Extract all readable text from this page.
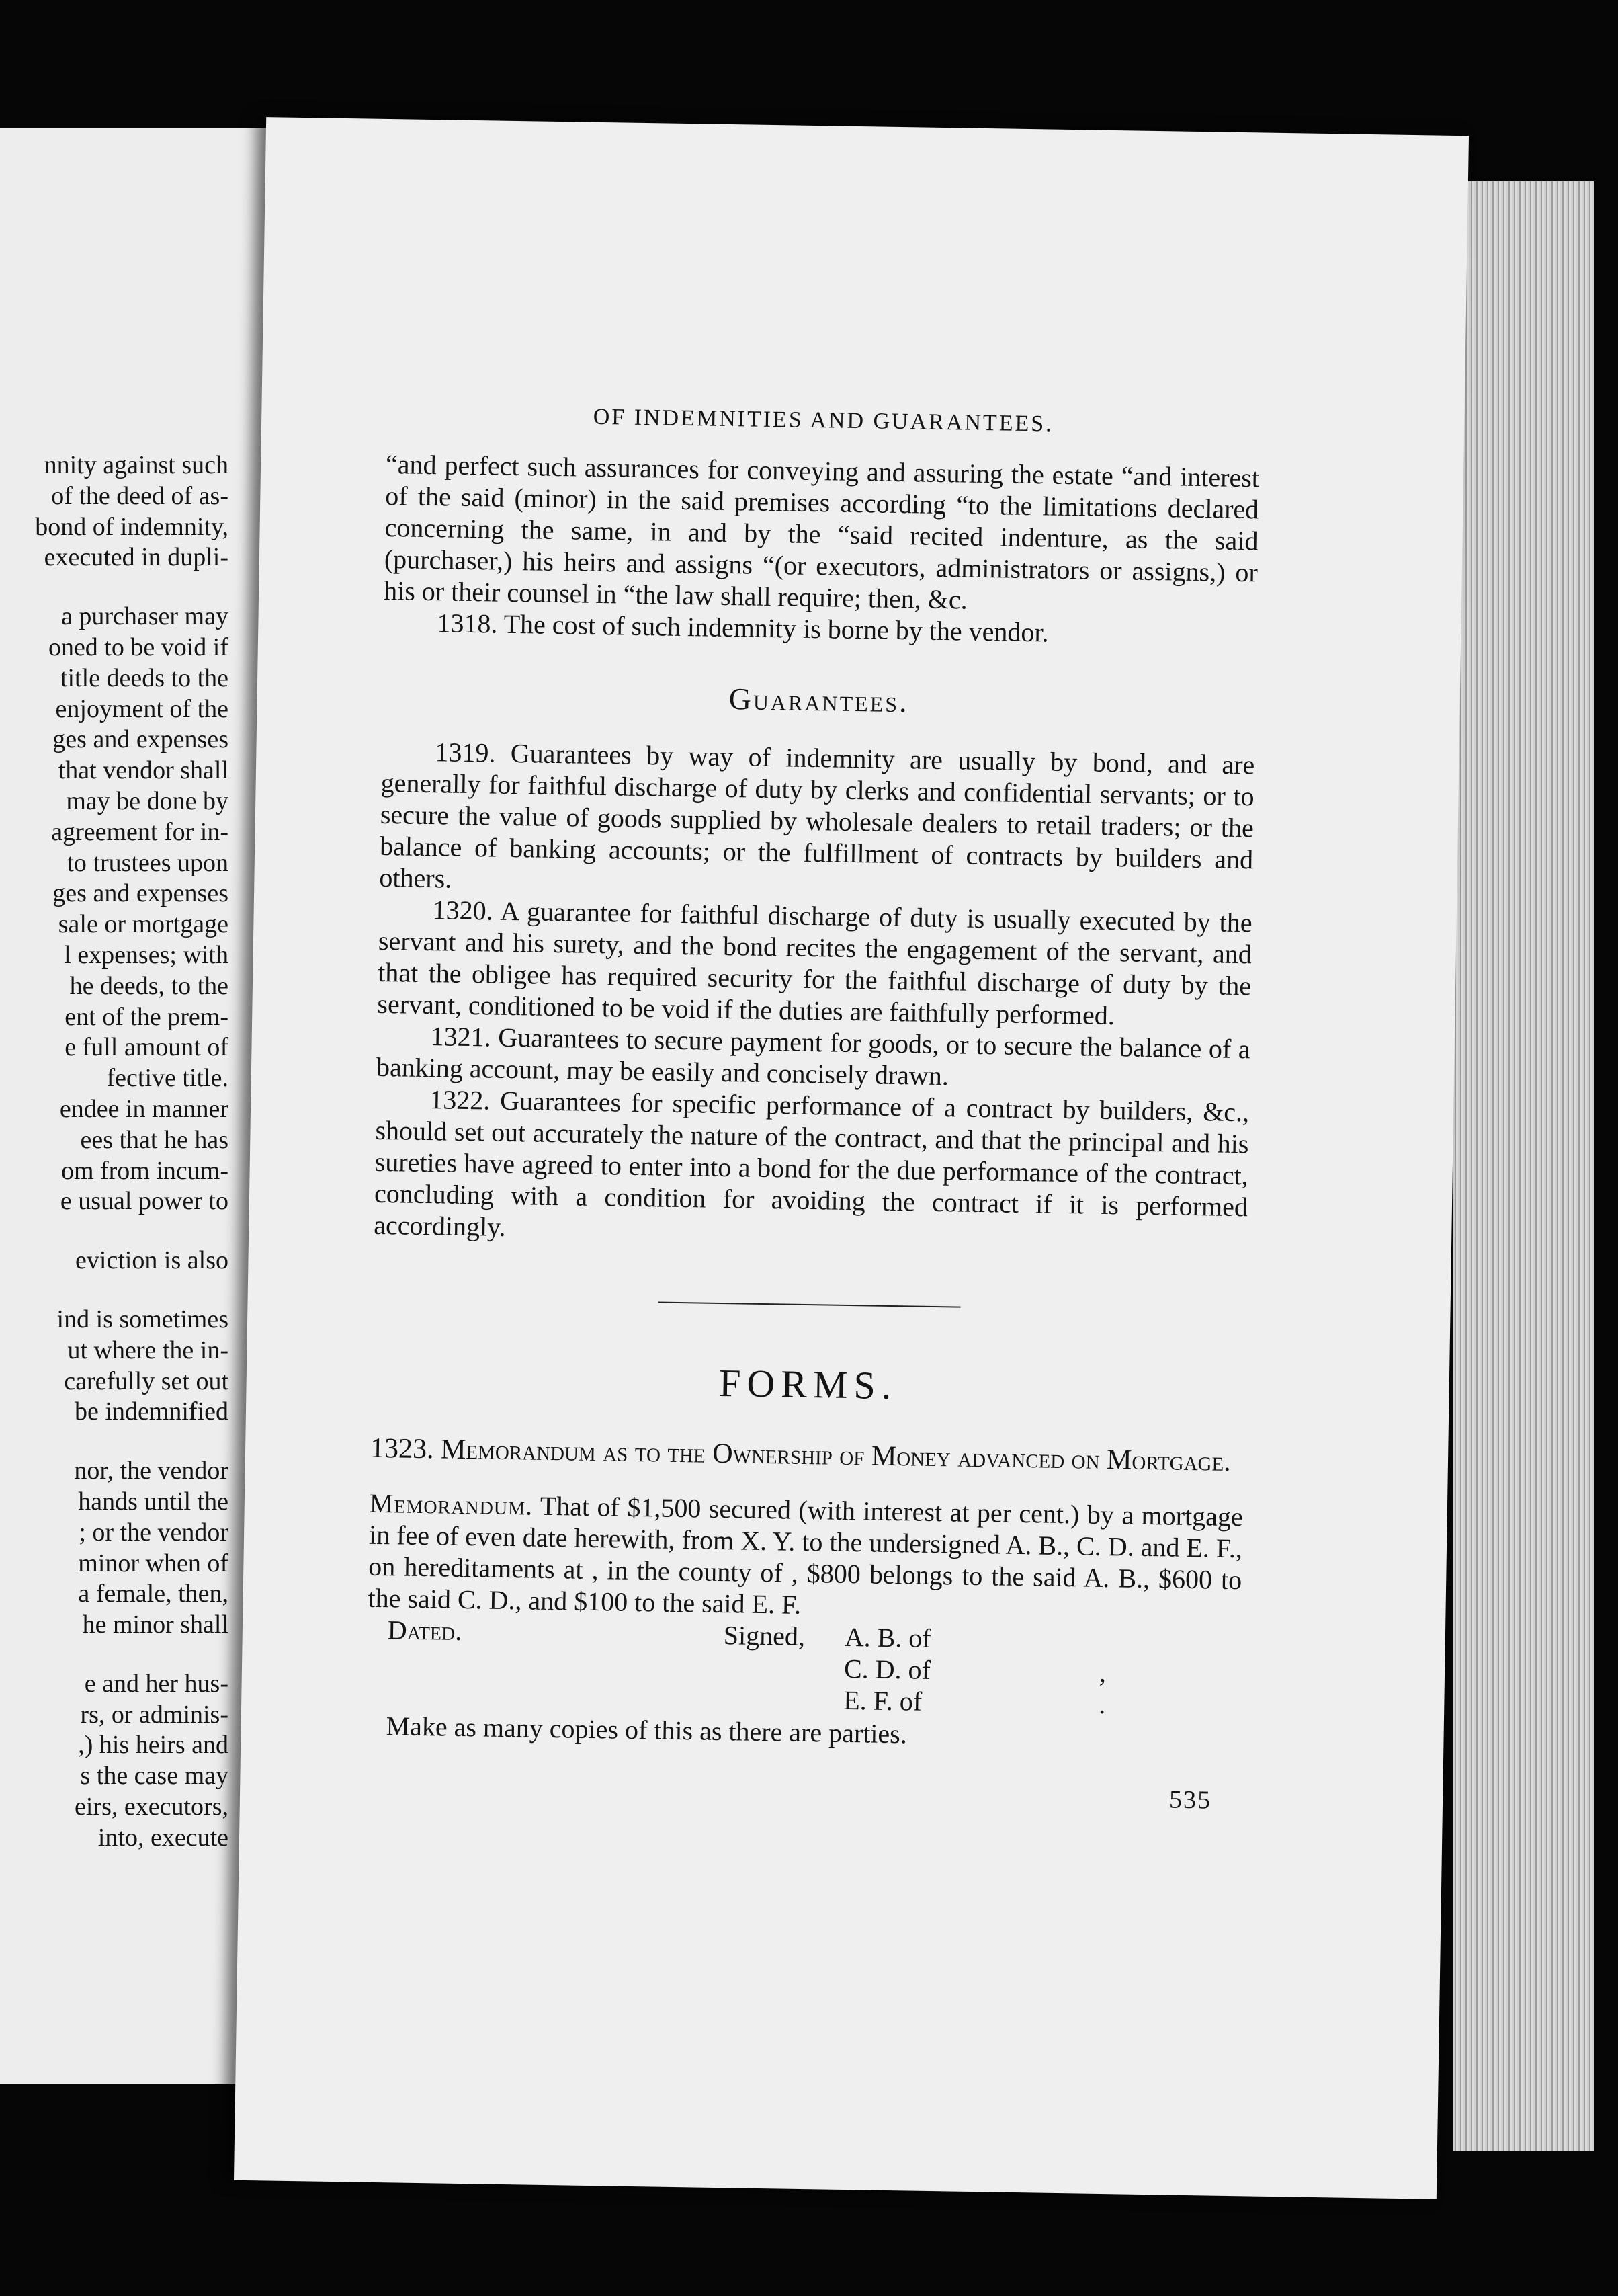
nnity against such
of the deed of as-
bond of indemnity,
executed in dupli-
a purchaser may
oned to be void if
title deeds to the
enjoyment of the
ges and expenses
that vendor shall
may be done by
agreement for in-
to trustees upon
ges and expenses
sale or mortgage
l expenses; with
he deeds, to the
ent of the prem-
e full amount of
fective title.
endee in manner
ees that he has
om from incum-
e usual power to
eviction is also
ind is sometimes
ut where the in-
carefully set out
be indemnified
nor, the vendor
hands until the
; or the vendor
minor when of
a female, then,
he minor shall
e and her hus-
rs, or adminis-
,) his heirs and
s the case may
eirs, executors,
into, execute
OF INDEMNITIES AND GUARANTEES.

“and perfect such assurances for conveying and assuring the estate “and interest of the said (minor) in the said premises according “to the limitations declared concerning the same, in and by the “said recited indenture, as the said (purchaser,) his heirs and assigns “(or executors, administrators or assigns,) or his or their counsel in “the law shall require; then, &c.

1318. The cost of such indemnity is borne by the vendor.

Guarantees.

1319. Guarantees by way of indemnity are usually by bond, and are generally for faithful discharge of duty by clerks and confidential servants; or to secure the value of goods supplied by wholesale dealers to retail traders; or the balance of banking accounts; or the fulfillment of contracts by builders and others.

1320. A guarantee for faithful discharge of duty is usually executed by the servant and his surety, and the bond recites the engagement of the servant, and that the obligee has required security for the faithful discharge of duty by the servant, conditioned to be void if the duties are faithfully performed.

1321. Guarantees to secure payment for goods, or to secure the balance of a banking account, may be easily and concisely drawn.

1322. Guarantees for specific performance of a contract by builders, &c., should set out accurately the nature of the contract, and that the principal and his sureties have agreed to enter into a bond for the due performance of the contract, concluding with a condition for avoiding the contract if it is performed accordingly.

FORMS.
1323. Memorandum as to the Ownership of Money advanced on Mortgage.
Memorandum. That of $1,500 secured (with interest at per cent.) by a mortgage in fee of even date herewith, from X. Y. to the undersigned A. B., C. D. and E. F., on hereditaments at , in the county of , $800 belongs to the said A. B., $600 to the said C. D., and $100 to the said E. F.
Dated.	Signed, A. B. of
C. D. of	,
E. F. of	.
Make as many copies of this as there are parties.
535
